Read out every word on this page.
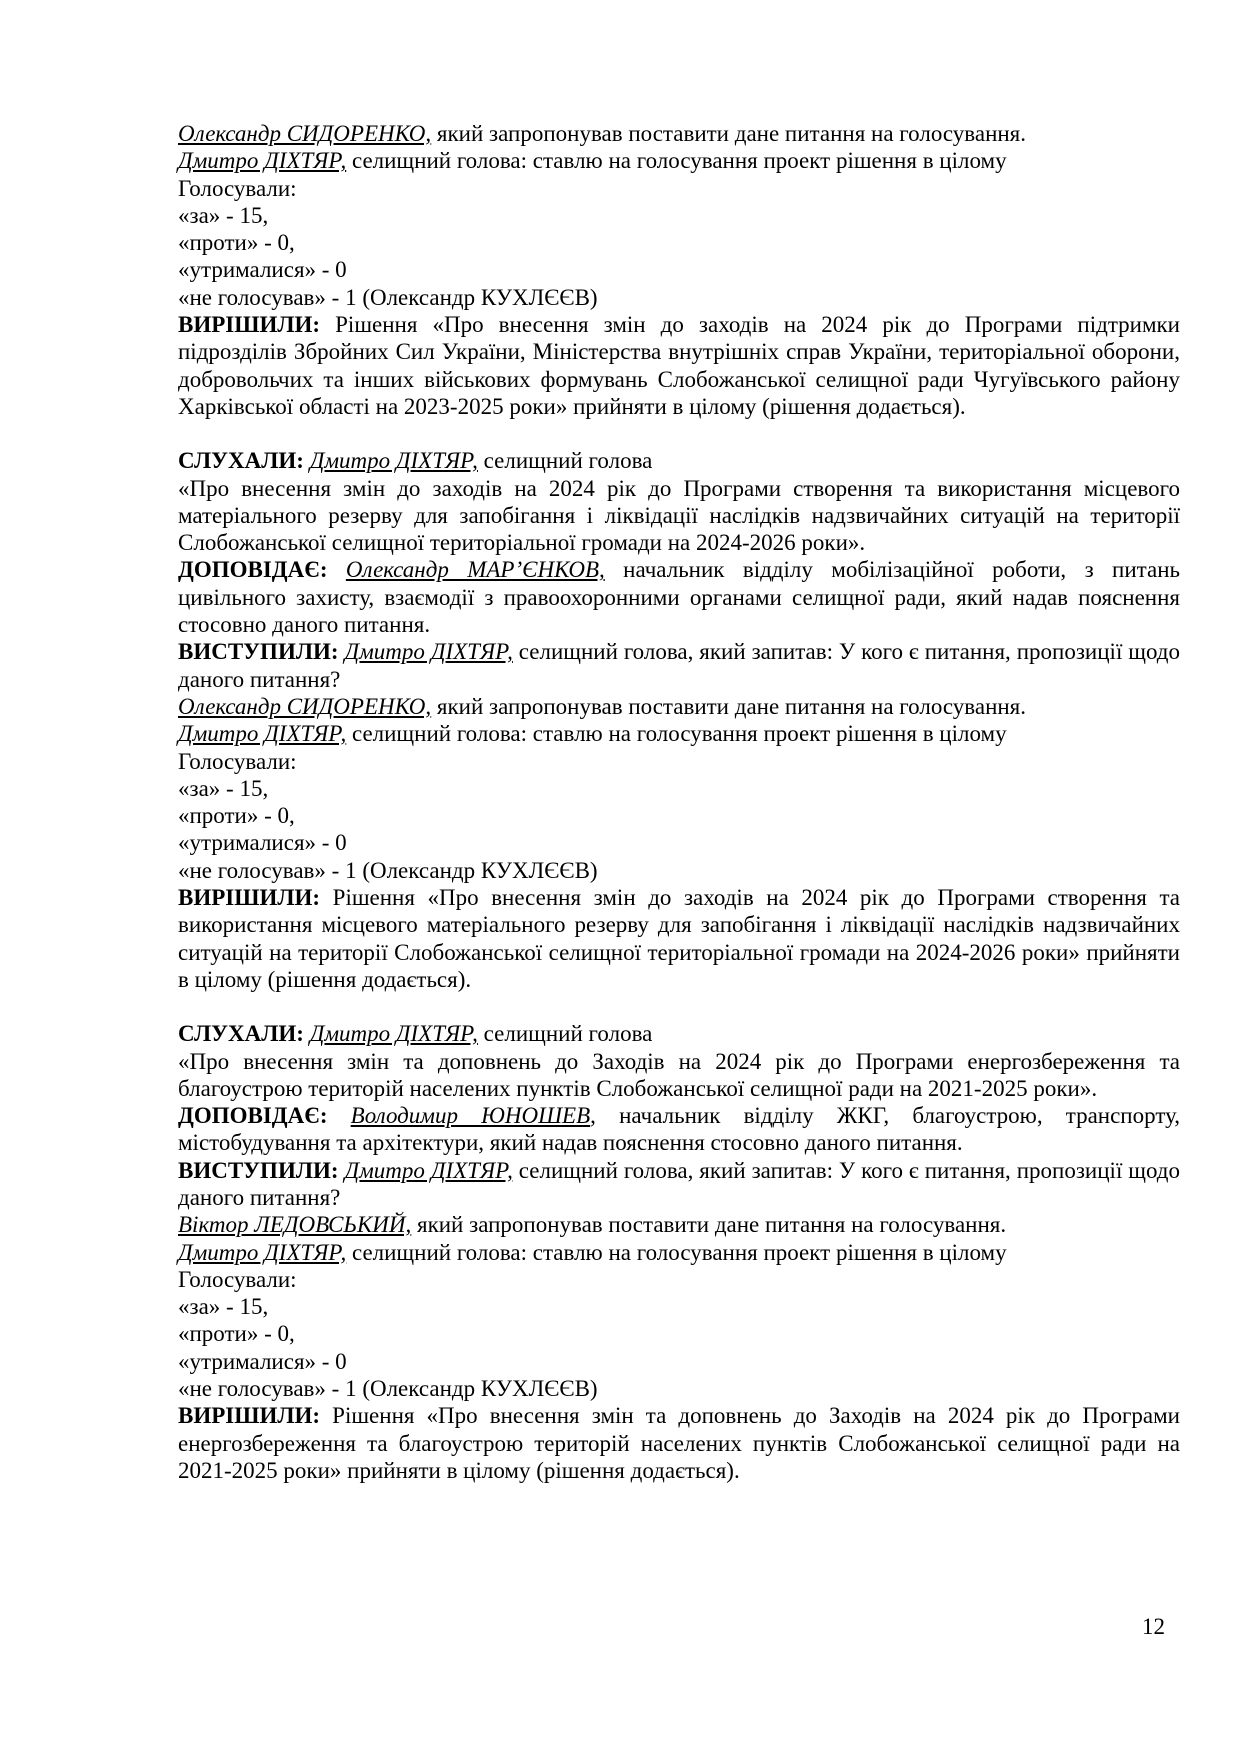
Олександр СИДОРЕНКО, який запропонував поставити дане питання на голосування.

Дмитро ДІХТЯР, селищний голова: ставлю на голосування проект рішення в цілому

Голосували:

«за» - 15,

«проти» - 0,

«утрималися» - 0

«не голосував» - 1 (Олександр КУХЛЄЄВ)

ВИРІШИЛИ: Рішення «Про внесення змін до заходів на 2024 рік до Програми підтримки підрозділів Збройних Сил України, Міністерства внутрішніх справ України, територіальної оборони, добровольчих та інших військових формувань Слобожанської селищної ради Чугуївського району Харківської області на 2023-2025 роки» прийняти в цілому (рішення додається).

СЛУХАЛИ: Дмитро ДІХТЯР, селищний голова

«Про внесення змін до заходів на 2024 рік до Програми створення та використання місцевого матеріального резерву для запобігання і ліквідації наслідків надзвичайних ситуацій на території Слобожанської селищної територіальної громади на 2024-2026 роки».

ДОПОВІДАЄ: Олександр МАР’ЄНКОВ, начальник відділу мобілізаційної роботи, з питань цивільного захисту, взаємодії з правоохоронними органами селищної ради, який надав пояснення стосовно даного питання.

ВИСТУПИЛИ: Дмитро ДІХТЯР, селищний голова, який запитав: У кого є питання, пропозиції щодо даного питання?

Олександр СИДОРЕНКО, який запропонував поставити дане питання на голосування.

Дмитро ДІХТЯР, селищний голова: ставлю на голосування проект рішення в цілому

Голосували:

«за» - 15,

«проти» - 0,

«утрималися» - 0

«не голосував» - 1 (Олександр КУХЛЄЄВ)

ВИРІШИЛИ: Рішення «Про внесення змін до заходів на 2024 рік до Програми створення та використання місцевого матеріального резерву для запобігання і ліквідації наслідків надзвичайних ситуацій на території Слобожанської селищної територіальної громади на 2024-2026 роки» прийняти в цілому (рішення додається).

СЛУХАЛИ: Дмитро ДІХТЯР, селищний голова

«Про внесення змін та доповнень до Заходів на 2024 рік до Програми енергозбереження та благоустрою територій населених пунктів Слобожанської селищної ради на 2021-2025 роки».

ДОПОВІДАЄ: Володимир ЮНОШЕВ, начальник відділу ЖКГ, благоустрою, транспорту, містобудування та архітектури, який надав пояснення стосовно даного питання.

ВИСТУПИЛИ: Дмитро ДІХТЯР, селищний голова, який запитав: У кого є питання, пропозиції щодо даного питання?

Віктор ЛЕДОВСЬКИЙ, який запропонував поставити дане питання на голосування.

Дмитро ДІХТЯР, селищний голова: ставлю на голосування проект рішення в цілому

Голосували:

«за» - 15,

«проти» - 0,

«утрималися» - 0

«не голосував» - 1 (Олександр КУХЛЄЄВ)

ВИРІШИЛИ: Рішення «Про внесення змін та доповнень до Заходів на 2024 рік до Програми енергозбереження та благоустрою територій населених пунктів Слобожанської селищної ради на 2021-2025 роки» прийняти в цілому (рішення додається).

12
